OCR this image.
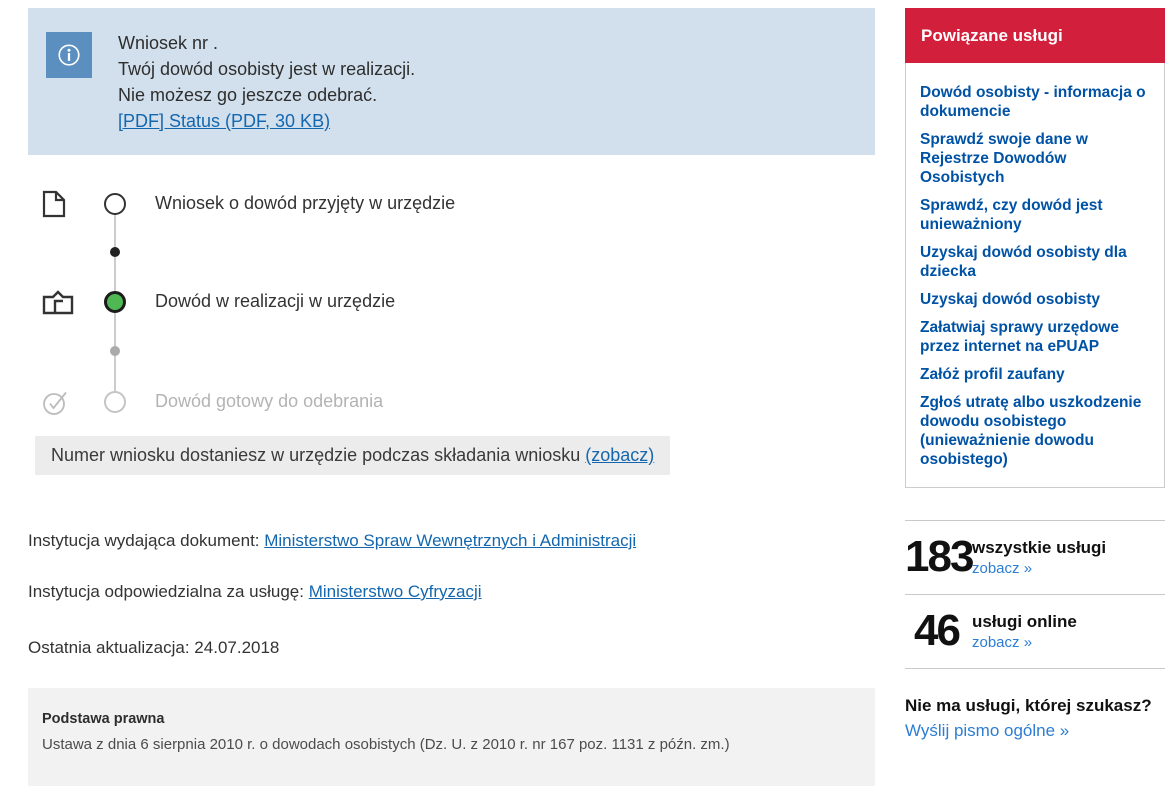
Wniosek nr .
Twój dowód osobisty jest w realizacji.
Nie możesz go jeszcze odebrać.
[PDF] Status (PDF, 30 KB)
Wniosek o dowód przyjęty w urzędzie
Dowód w realizacji w urzędzie
Dowód gotowy do odebrania
Numer wniosku dostaniesz w urzędzie podczas składania wniosku (zobacz)

Instytucja wydająca dokument: Ministerstwo Spraw Wewnętrznych i Administracji

Instytucja odpowiedzialna za usługę: Ministerstwo Cyfryzacji

Ostatnia aktualizacja: 24.07.2018

Podstawa prawna
Ustawa z dnia 6 sierpnia 2010 r. o dowodach osobistych (Dz. U. z 2010 r. nr 167 poz. 1131 z późn. zm.)
Powiązane usługi
Dowód osobisty - informacja o dokumencie
Sprawdź swoje dane w Rejestrze Dowodów Osobistych
Sprawdź, czy dowód jest unieważniony
Uzyskaj dowód osobisty dla dziecka
Uzyskaj dowód osobisty
Załatwiaj sprawy urzędowe przez internet na ePUAP
Załóż profil zaufany
Zgłoś utratę albo uszkodzenie dowodu osobistego (unieważnienie dowodu osobistego)
183 wszystkie usługi
zobacz »
46 usługi online
zobacz »
Nie ma usługi, której szukasz?
Wyślij pismo ogólne »
